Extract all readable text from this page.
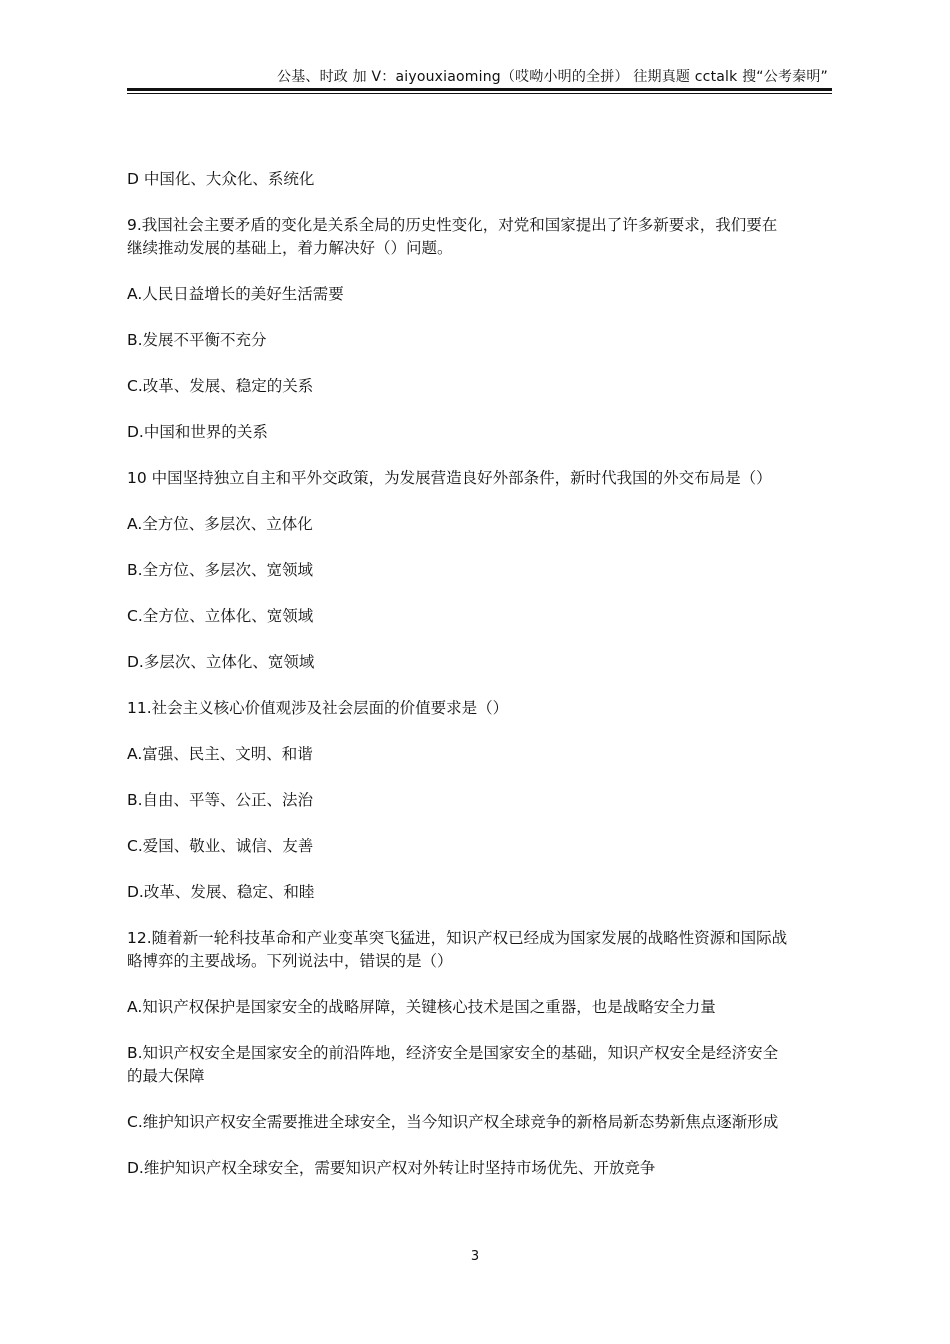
公基、时政 加 V：aiyouxiaoming（哎呦小明的全拼） 往期真题 cctalk 搜“公考秦明”
D 中国化、大众化、系统化
9.我国社会主要矛盾的变化是关系全局的历史性变化，对党和国家提出了许多新要求，我们要在
继续推动发展的基础上，着力解决好（）问题。
A.人民日益增长的美好生活需要
B.发展不平衡不充分
C.改革、发展、稳定的关系
D.中国和世界的关系
10 中国坚持独立自主和平外交政策，为发展营造良好外部条件，新时代我国的外交布局是（）
A.全方位、多层次、立体化
B.全方位、多层次、宽领域
C.全方位、立体化、宽领域
D.多层次、立体化、宽领域
11.社会主义核心价值观涉及社会层面的价值要求是（）
A.富强、民主、文明、和谐
B.自由、平等、公正、法治
C.爱国、敬业、诚信、友善
D.改革、发展、稳定、和睦
12.随着新一轮科技革命和产业变革突飞猛进，知识产权已经成为国家发展的战略性资源和国际战
略博弈的主要战场。下列说法中，错误的是（）
A.知识产权保护是国家安全的战略屏障，关键核心技术是国之重器，也是战略安全力量
B.知识产权安全是国家安全的前沿阵地，经济安全是国家安全的基础，知识产权安全是经济安全
的最大保障
C.维护知识产权安全需要推进全球安全，当今知识产权全球竞争的新格局新态势新焦点逐渐形成
D.维护知识产权全球安全，需要知识产权对外转让时坚持市场优先、开放竞争
3
